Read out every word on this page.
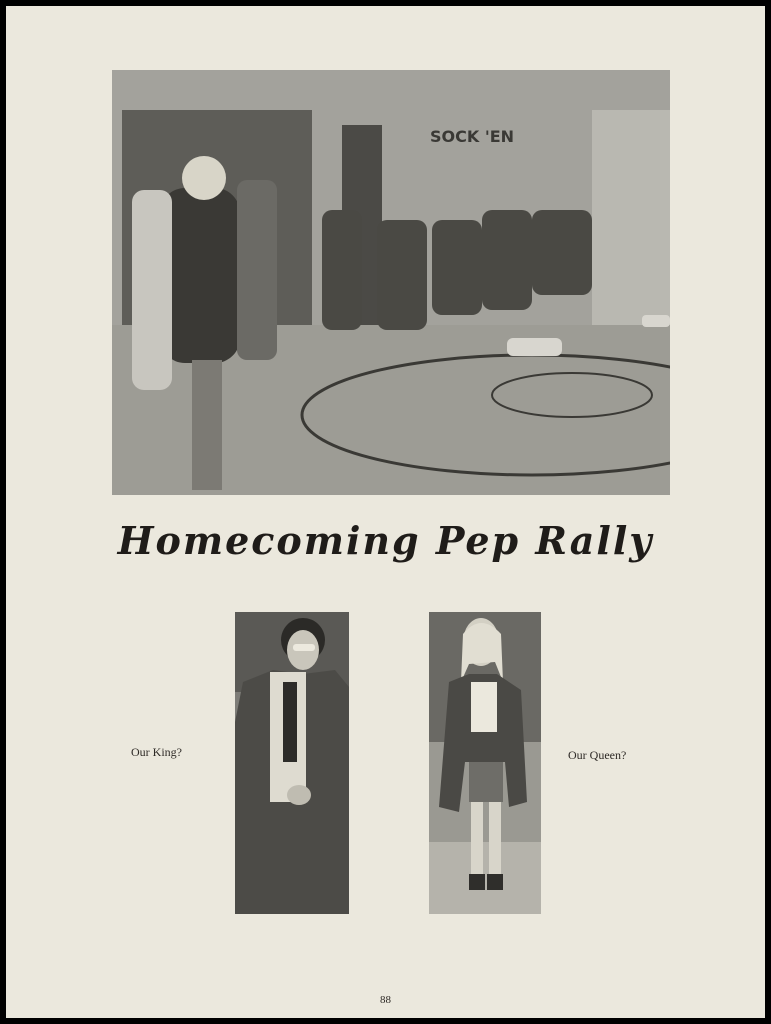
SOCK 'EN
Homecoming Pep Rally
Our King?	Our Queen?
88
